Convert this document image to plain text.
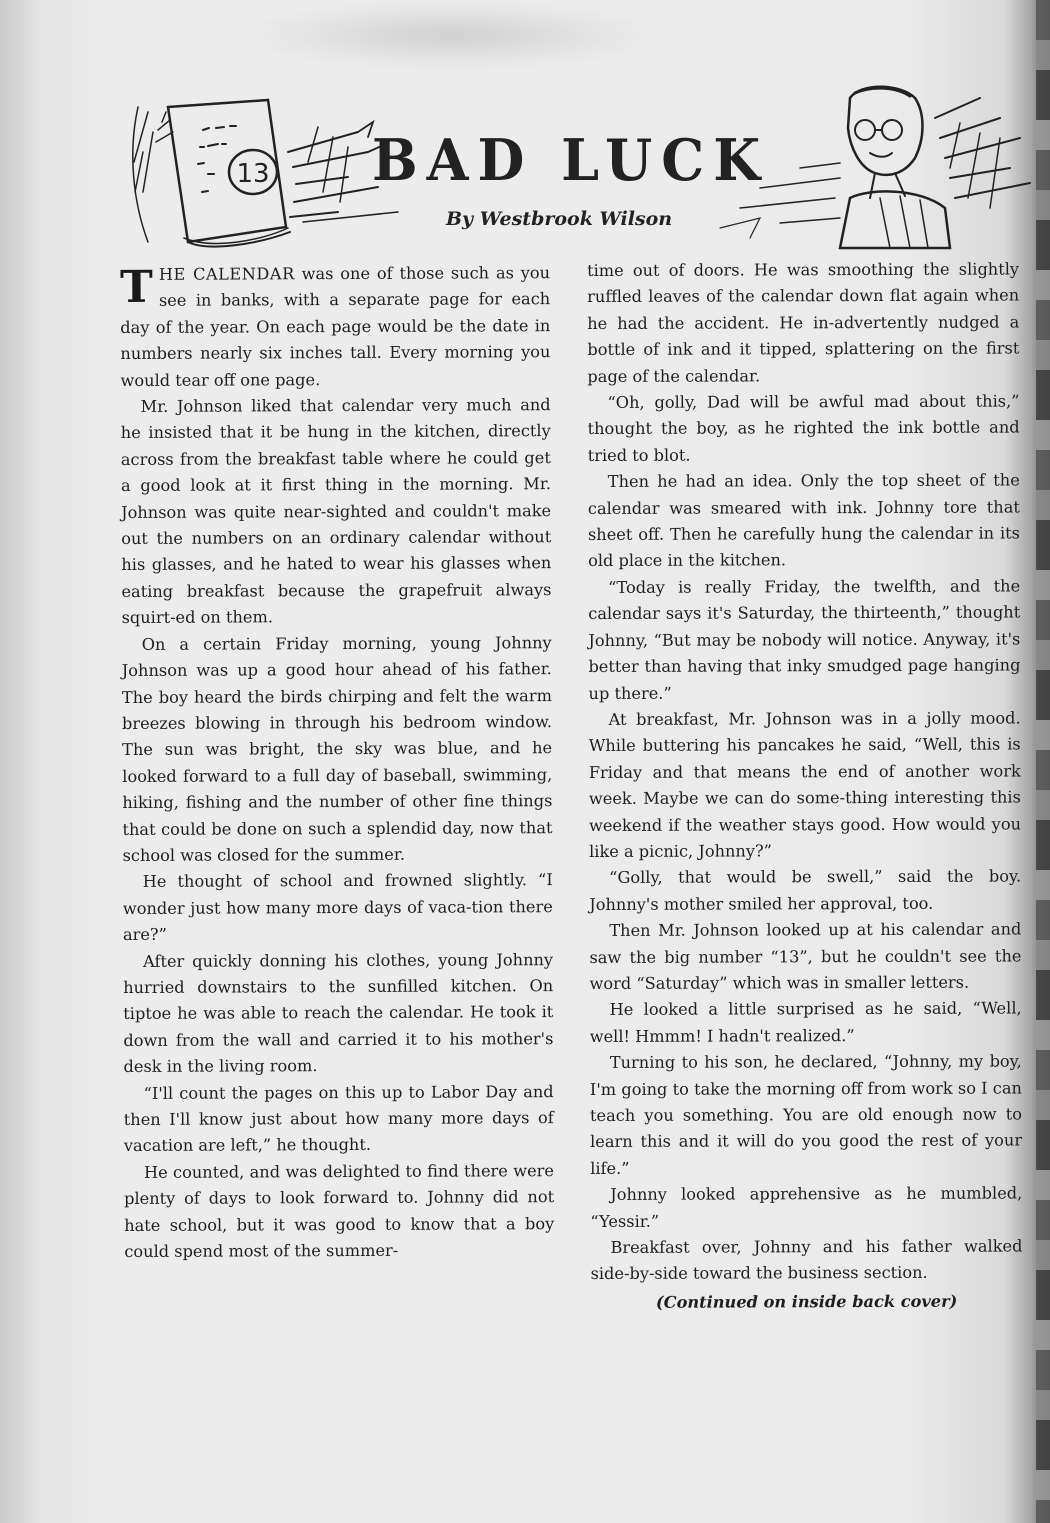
13 BAD LUCK
By Westbrook Wilson

THE CALENDAR was one of those such as you see in banks, with a separate page for each day of the year. On each page would be the date in numbers nearly six inches tall. Every morning you would tear off one page.

Mr. Johnson liked that calendar very much and he insisted that it be hung in the kitchen, directly across from the breakfast table where he could get a good look at it first thing in the morning. Mr. Johnson was quite near-sighted and couldn't make out the numbers on an ordinary calendar without his glasses, and he hated to wear his glasses when eating breakfast because the grapefruit always squirt-ed on them.

On a certain Friday morning, young Johnny Johnson was up a good hour ahead of his father. The boy heard the birds chirping and felt the warm breezes blowing in through his bedroom window. The sun was bright, the sky was blue, and he looked forward to a full day of baseball, swimming, hiking, fishing and the number of other fine things that could be done on such a splendid day, now that school was closed for the summer.

He thought of school and frowned slightly. “I wonder just how many more days of vaca-tion there are?”

After quickly donning his clothes, young Johnny hurried downstairs to the sunfilled kitchen. On tiptoe he was able to reach the calendar. He took it down from the wall and carried it to his mother's desk in the living room.

“I'll count the pages on this up to Labor Day and then I'll know just about how many more days of vacation are left,” he thought.

He counted, and was delighted to find there were plenty of days to look forward to. Johnny did not hate school, but it was good to know that a boy could spend most of the summer-

time out of doors. He was smoothing the slightly ruffled leaves of the calendar down flat again when he had the accident. He in-advertently nudged a bottle of ink and it tipped, splattering on the first page of the calendar.

“Oh, golly, Dad will be awful mad about this,” thought the boy, as he righted the ink bottle and tried to blot.

Then he had an idea. Only the top sheet of the calendar was smeared with ink. Johnny tore that sheet off. Then he carefully hung the calendar in its old place in the kitchen.

“Today is really Friday, the twelfth, and the calendar says it's Saturday, the thirteenth,” thought Johnny, “But may be nobody will notice. Anyway, it's better than having that inky smudged page hanging up there.”

At breakfast, Mr. Johnson was in a jolly mood. While buttering his pancakes he said, “Well, this is Friday and that means the end of another work week. Maybe we can do some-thing interesting this weekend if the weather stays good. How would you like a picnic, Johnny?”

“Golly, that would be swell,” said the boy. Johnny's mother smiled her approval, too.

Then Mr. Johnson looked up at his calendar and saw the big number “13”, but he couldn't see the word “Saturday” which was in smaller letters.

He looked a little surprised as he said, “Well, well! Hmmm! I hadn't realized.”

Turning to his son, he declared, “Johnny, my boy, I'm going to take the morning off from work so I can teach you something. You are old enough now to learn this and it will do you good the rest of your life.”

Johnny looked apprehensive as he mumbled, “Yessir.”

Breakfast over, Johnny and his father walked side-by-side toward the business section.

(Continued on inside back cover)
